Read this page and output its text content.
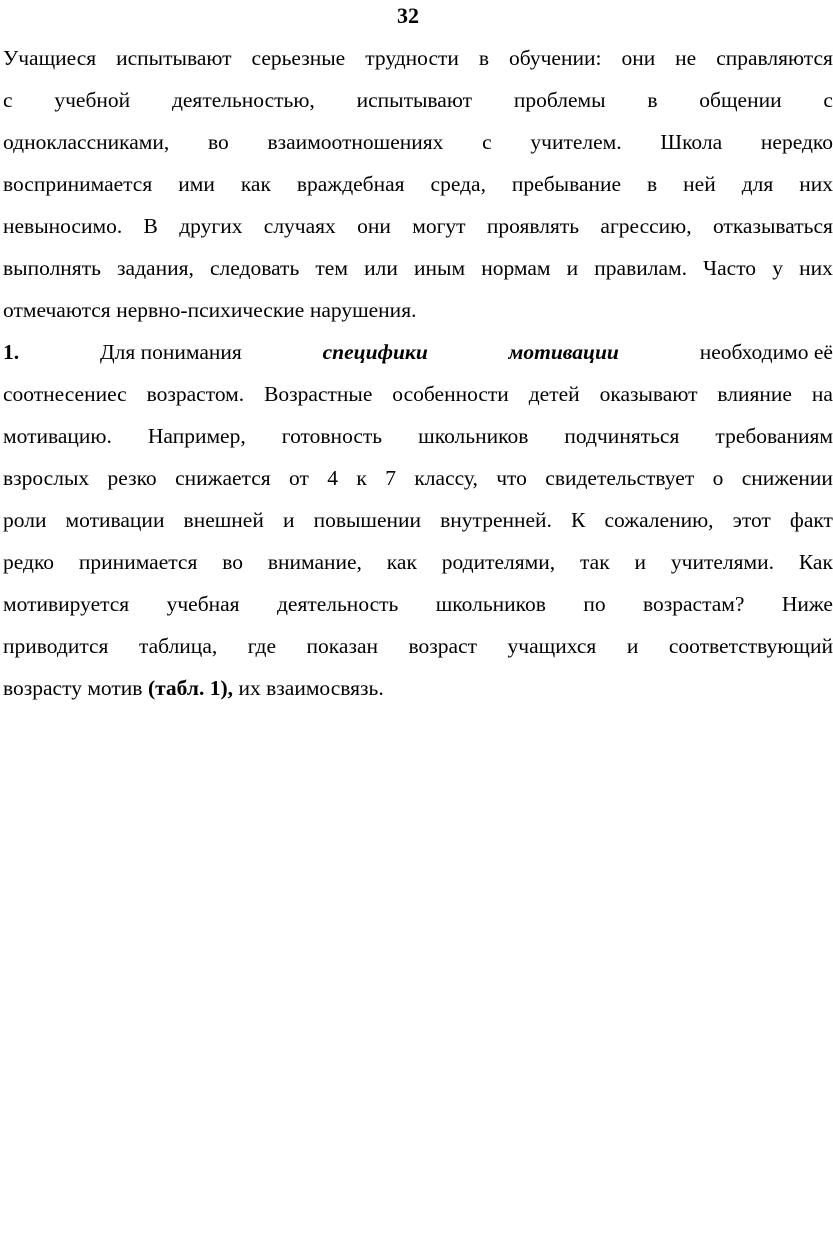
32
Учащиеся испытывают серьезные трудности в обучении: они не справляются
с учебной деятельностью, испытывают проблемы в общении с
одноклассниками, во взаимоотношениях с учителем. Школа нередко
воспринимается ими как враждебная среда, пребывание в ней для них
невыносимо. В других случаях они могут проявлять агрессию, отказываться
выполнять задания, следовать тем или иным нормам и правилам. Часто у них
отмечаются нервно-психические нарушения.
1.	Для понимания	специфики	мотивации	необходимо её
соотнесениес возрастом. Возрастные особенности детей оказывают влияние на
мотивацию. Например, готовность школьников подчиняться требованиям
взрослых резко снижается от 4 к 7 классу, что свидетельствует о снижении
роли мотивации внешней и повышении внутренней. К сожалению, этот факт
редко принимается во внимание, как родителями, так и учителями. Как
мотивируется учебная деятельность школьников по возрастам? Ниже
приводится таблица, где показан возраст учащихся и соответствующий
возрасту мотив (табл. 1), их взаимосвязь.
